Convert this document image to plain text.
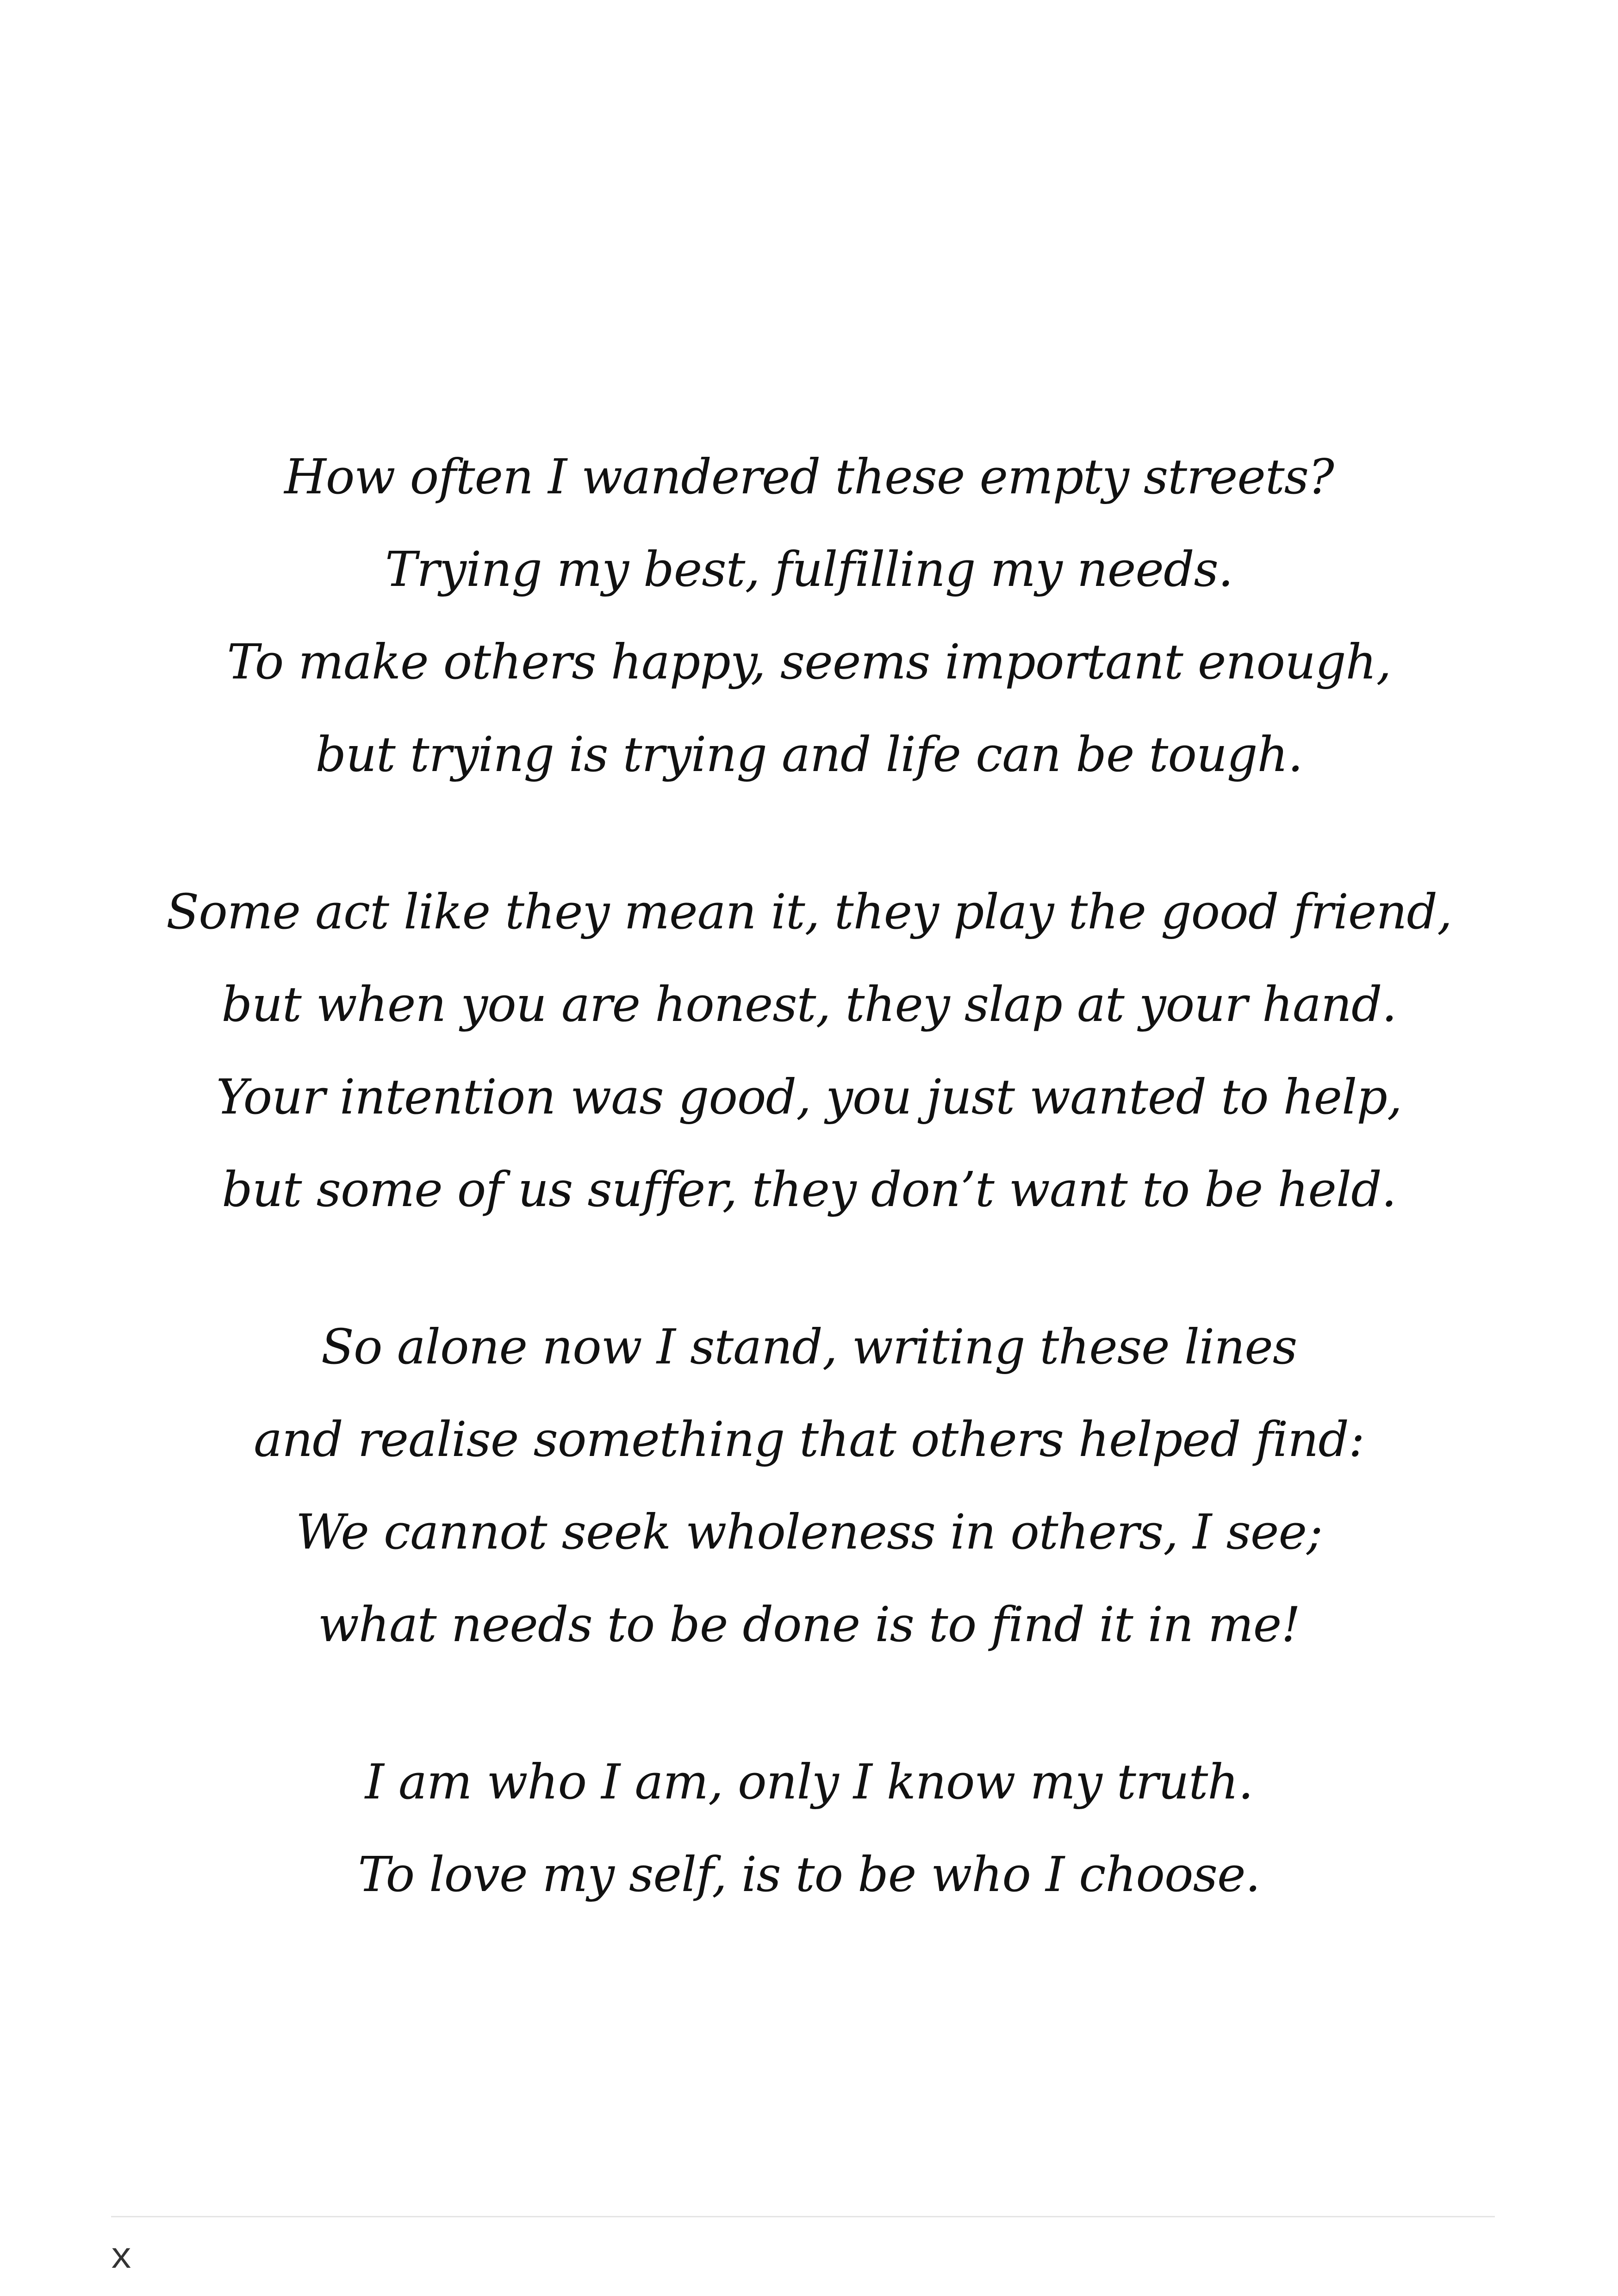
How often I wandered these empty streets?
Trying my best, fulfilling my needs.
To make others happy, seems important enough,
but trying is trying and life can be tough.
Some act like they mean it, they play the good friend,
but when you are honest, they slap at your hand.
Your intention was good, you just wanted to help,
but some of us suffer, they don’t want to be held.
So alone now I stand, writing these lines
and realise something that others helped find:
We cannot seek wholeness in others, I see;
what needs to be done is to find it in me!
I am who I am, only I know my truth.
To love my self, is to be who I choose.
x
